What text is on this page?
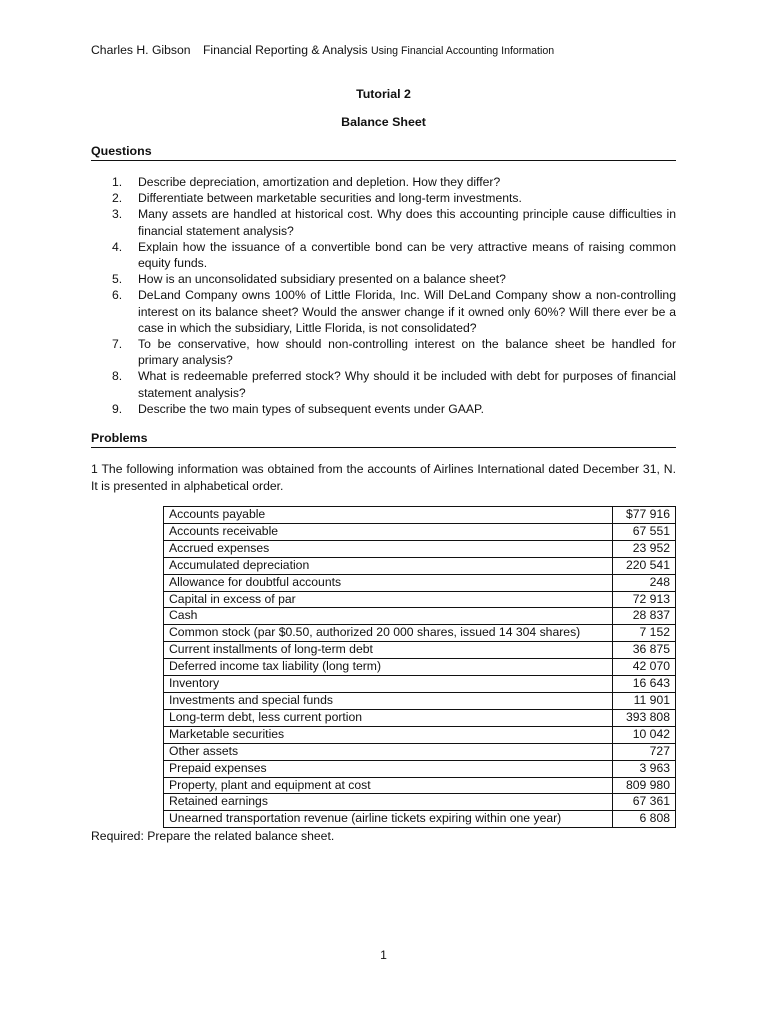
Charles H. Gibson Financial Reporting & Analysis Using Financial Accounting Information
Tutorial 2
Balance Sheet
Questions
1. Describe depreciation, amortization and depletion. How they differ?
2. Differentiate between marketable securities and long-term investments.
3. Many assets are handled at historical cost. Why does this accounting principle cause difficulties in financial statement analysis?
4. Explain how the issuance of a convertible bond can be very attractive means of raising common equity funds.
5. How is an unconsolidated subsidiary presented on a balance sheet?
6. DeLand Company owns 100% of Little Florida, Inc. Will DeLand Company show a non-controlling interest on its balance sheet? Would the answer change if it owned only 60%? Will there ever be a case in which the subsidiary, Little Florida, is not consolidated?
7. To be conservative, how should non-controlling interest on the balance sheet be handled for primary analysis?
8. What is redeemable preferred stock? Why should it be included with debt for purposes of financial statement analysis?
9. Describe the two main types of subsequent events under GAAP.
Problems
1 The following information was obtained from the accounts of Airlines International dated December 31, N. It is presented in alphabetical order.
Accounts payable	$77 916
Accounts receivable	67 551
Accrued expenses	23 952
Accumulated depreciation	220 541
Allowance for doubtful accounts	248
Capital in excess of par	72 913
Cash	28 837
Common stock (par $0.50, authorized 20 000 shares, issued 14 304 shares)	7 152
Current installments of long-term debt	36 875
Deferred income tax liability (long term)	42 070
Inventory	16 643
Investments and special funds	11 901
Long-term debt, less current portion	393 808
Marketable securities	10 042
Other assets	727
Prepaid expenses	3 963
Property, plant and equipment at cost	809 980
Retained earnings	67 361
Unearned transportation revenue (airline tickets expiring within one year)	6 808
Required: Prepare the related balance sheet.
1
